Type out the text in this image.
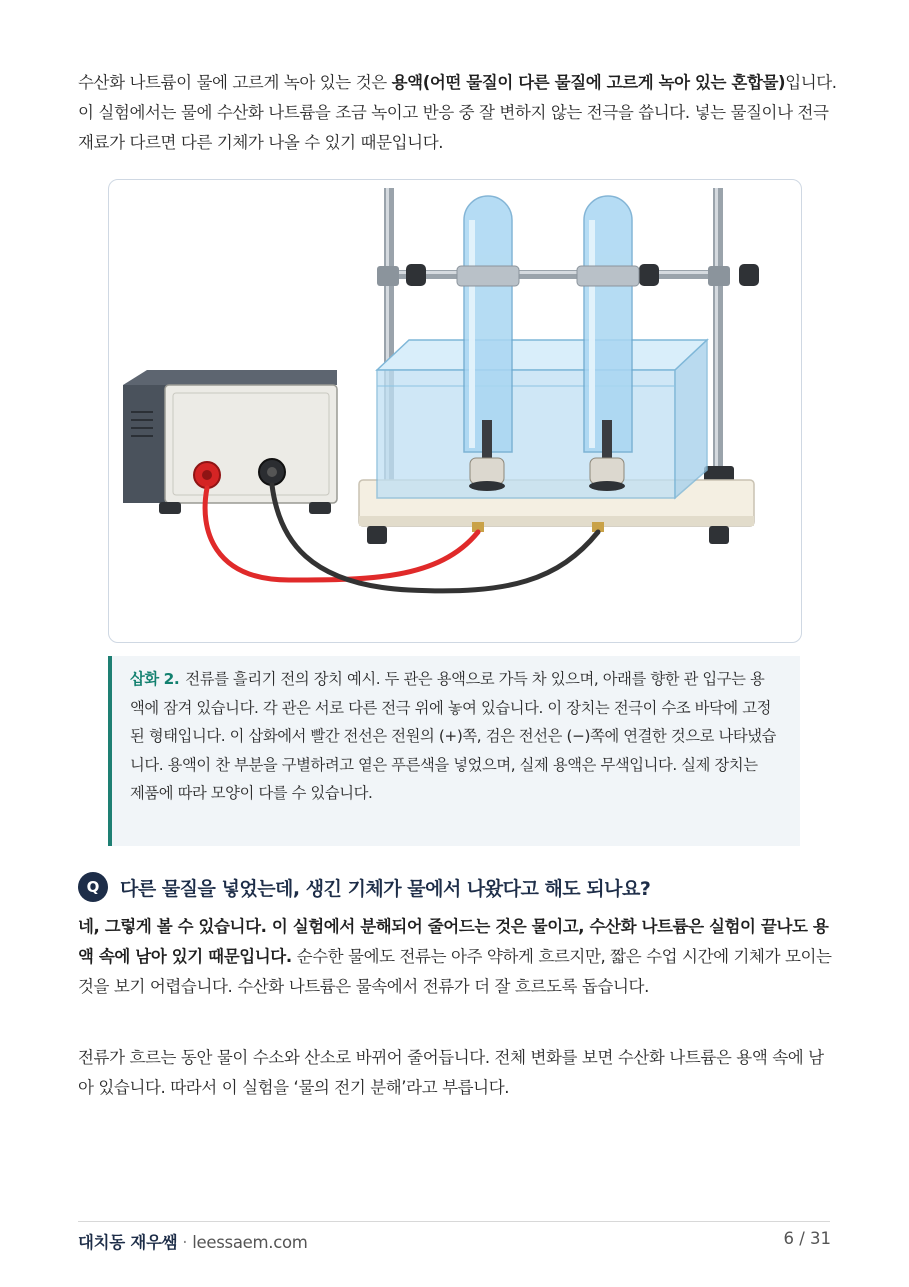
수산화 나트륨이 물에 고르게 녹아 있는 것은 용액(어떤 물질이 다른 물질에 고르게 녹아 있는 혼합물)입니다. 이 실험에서는 물에 수산화 나트륨을 조금 녹이고 반응 중 잘 변하지 않는 전극을 씁니다. 넣는 물질이나 전극 재료가 다르면 다른 기체가 나올 수 있기 때문입니다.

삽화 2. 전류를 흘리기 전의 장치 예시. 두 관은 용액으로 가득 차 있으며, 아래를 향한 관 입구는 용액에 잠겨 있습니다. 각 관은 서로 다른 전극 위에 놓여 있습니다. 이 장치는 전극이 수조 바닥에 고정된 형태입니다. 이 삽화에서 빨간 전선은 전원의 (+)쪽, 검은 전선은 (−)쪽에 연결한 것으로 나타냈습니다. 용액이 찬 부분을 구별하려고 옅은 푸른색을 넣었으며, 실제 용액은 무색입니다. 실제 장치는 제품에 따라 모양이 다를 수 있습니다.

Q	다른 물질을 넣었는데, 생긴 기체가 물에서 나왔다고 해도 되나요?

네, 그렇게 볼 수 있습니다. 이 실험에서 분해되어 줄어드는 것은 물이고, 수산화 나트륨은 실험이 끝나도 용액 속에 남아 있기 때문입니다. 순수한 물에도 전류는 아주 약하게 흐르지만, 짧은 수업 시간에 기체가 모이는 것을 보기 어렵습니다. 수산화 나트륨은 물속에서 전류가 더 잘 흐르도록 돕습니다.

전류가 흐르는 동안 물이 수소와 산소로 바뀌어 줄어듭니다. 전체 변화를 보면 수산화 나트륨은 용액 속에 남아 있습니다. 따라서 이 실험을 ‘물의 전기 분해’라고 부릅니다.

대치동 재우쌤 · leessaem.com	6 / 31
